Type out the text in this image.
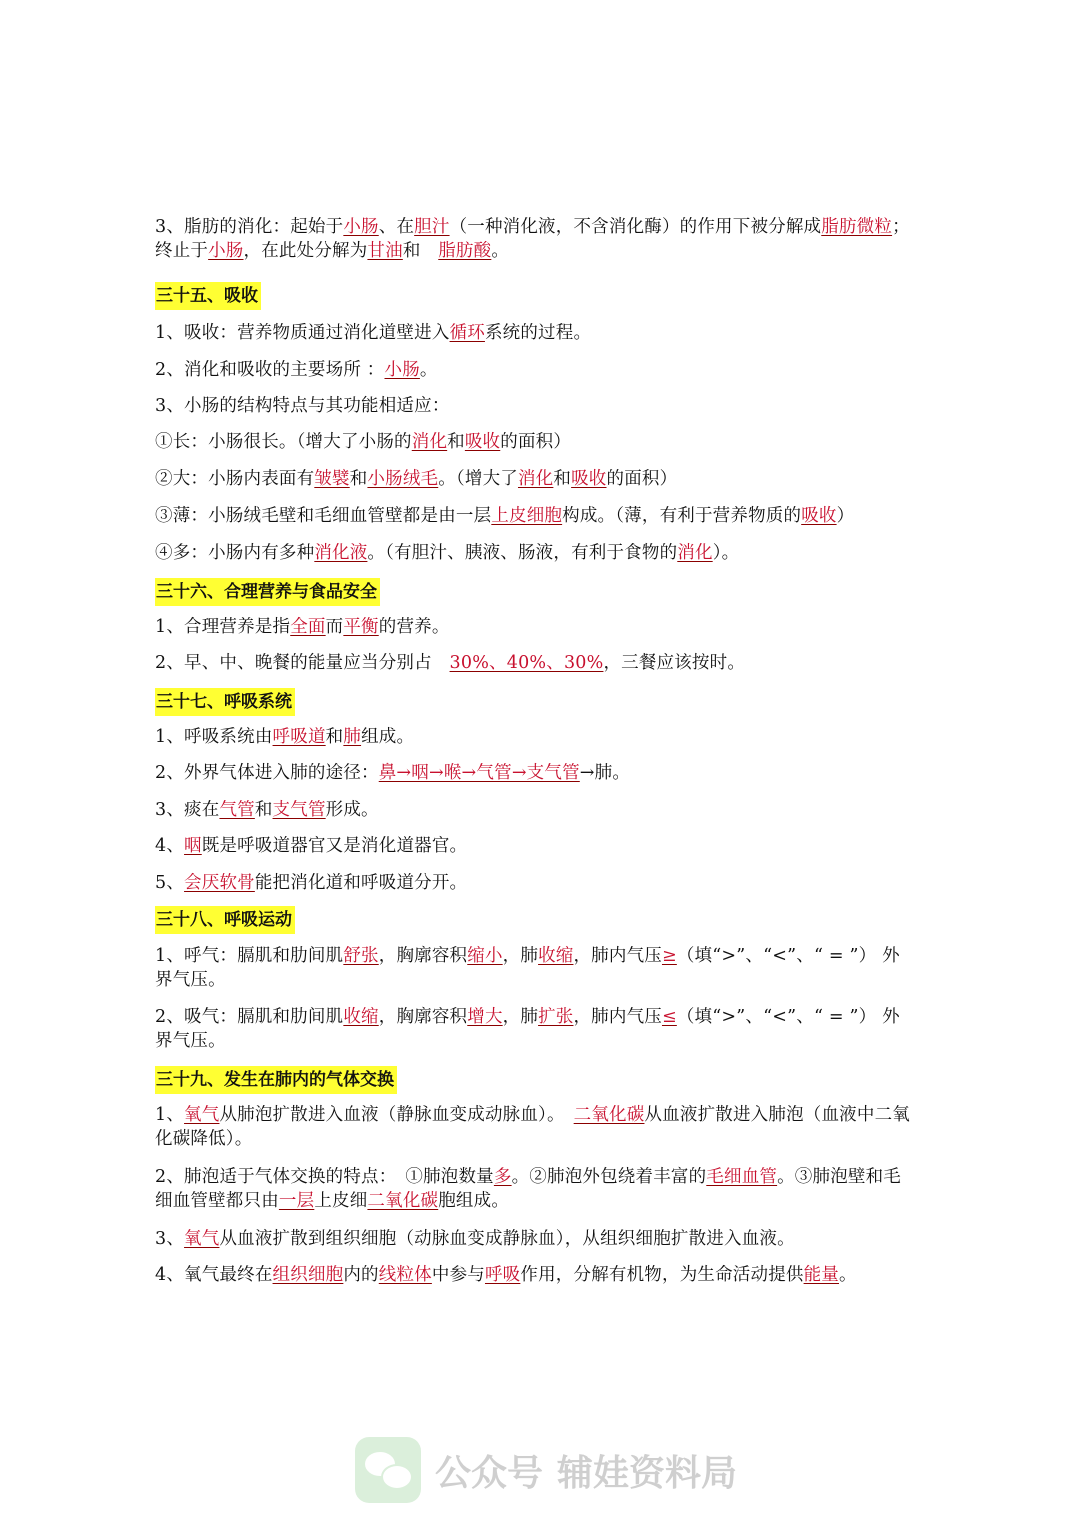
3、脂肪的消化：起始于小肠、在胆汁（一种消化液，不含消化酶）的作用下被分解成脂肪微粒；终止于小肠，在此处分解为甘油和　脂肪酸。
三十五、吸收
1、吸收：营养物质通过消化道壁进入循环系统的过程。
2、消化和吸收的主要场所 ：小肠。
3、小肠的结构特点与其功能相适应：
①长：小肠很长。（增大了小肠的消化和吸收的面积）
②大：小肠内表面有皱襞和小肠绒毛。（增大了消化和吸收的面积）
③薄：小肠绒毛壁和毛细血管壁都是由一层上皮细胞构成。（薄，有利于营养物质的吸收）
④多：小肠内有多种消化液。（有胆汁、胰液、肠液，有利于食物的消化）。
三十六、合理营养与食品安全
1、合理营养是指全面而平衡的营养。
2、早、中、晚餐的能量应当分别占　30%、40%、30%，三餐应该按时。
三十七、呼吸系统
1、呼吸系统由呼吸道和肺组成。
2、外界气体进入肺的途径：鼻→咽→喉→气管→支气管→肺。
3、痰在气管和支气管形成。
4、咽既是呼吸道器官又是消化道器官。
5、会厌软骨能把消化道和呼吸道分开。
三十八、呼吸运动
1、呼气：膈肌和肋间肌舒张，胸廓容积缩小，肺收缩，肺内气压≥（填“>”、“<”、“ = ”） 外界气压。
2、吸气：膈肌和肋间肌收缩，胸廓容积增大，肺扩张，肺内气压≤（填“>”、“<”、“ = ”） 外界气压。
三十九、发生在肺内的气体交换
1、氧气从肺泡扩散进入血液（静脉血变成动脉血）。　二氧化碳从血液扩散进入肺泡（血液中二氧化碳降低）。
2、肺泡适于气体交换的特点：　①肺泡数量多。②肺泡外包绕着丰富的毛细血管。③肺泡壁和毛细血管壁都只由一层上皮细二氧化碳胞组成。
3、氧气从血液扩散到组织细胞（动脉血变成静脉血），从组织细胞扩散进入血液。
4、氧气最终在组织细胞内的线粒体中参与呼吸作用，分解有机物，为生命活动提供能量。
公众号 辅娃资料局
